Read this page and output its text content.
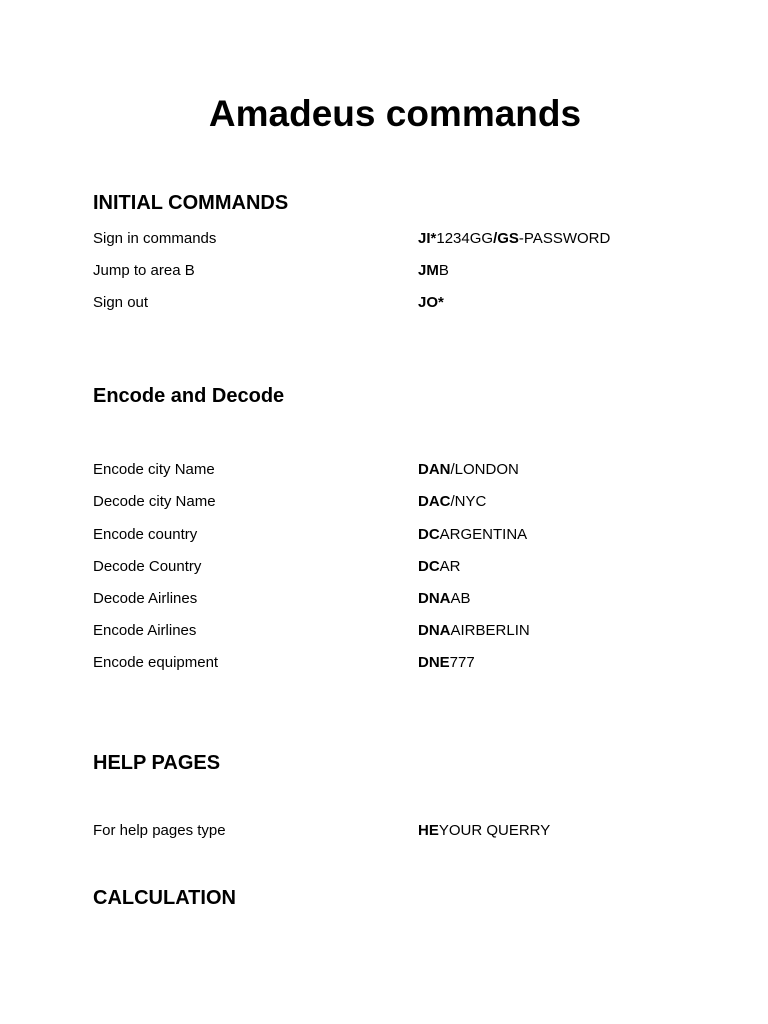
Amadeus commands
INITIAL COMMANDS
Sign in commands	JI*1234GG/GS-PASSWORD
Jump to area B	JMB
Sign out	JO*
Encode and Decode
Encode city Name	DAN/LONDON
Decode city Name	DAC/NYC
Encode country	DCARGENTINA
Decode Country	DCAR
Decode Airlines	DNAAB
Encode Airlines	DNAAIRBERLIN
Encode equipment	DNE777
HELP PAGES
For help pages type	HEYOUR QUERRY
CALCULATION
